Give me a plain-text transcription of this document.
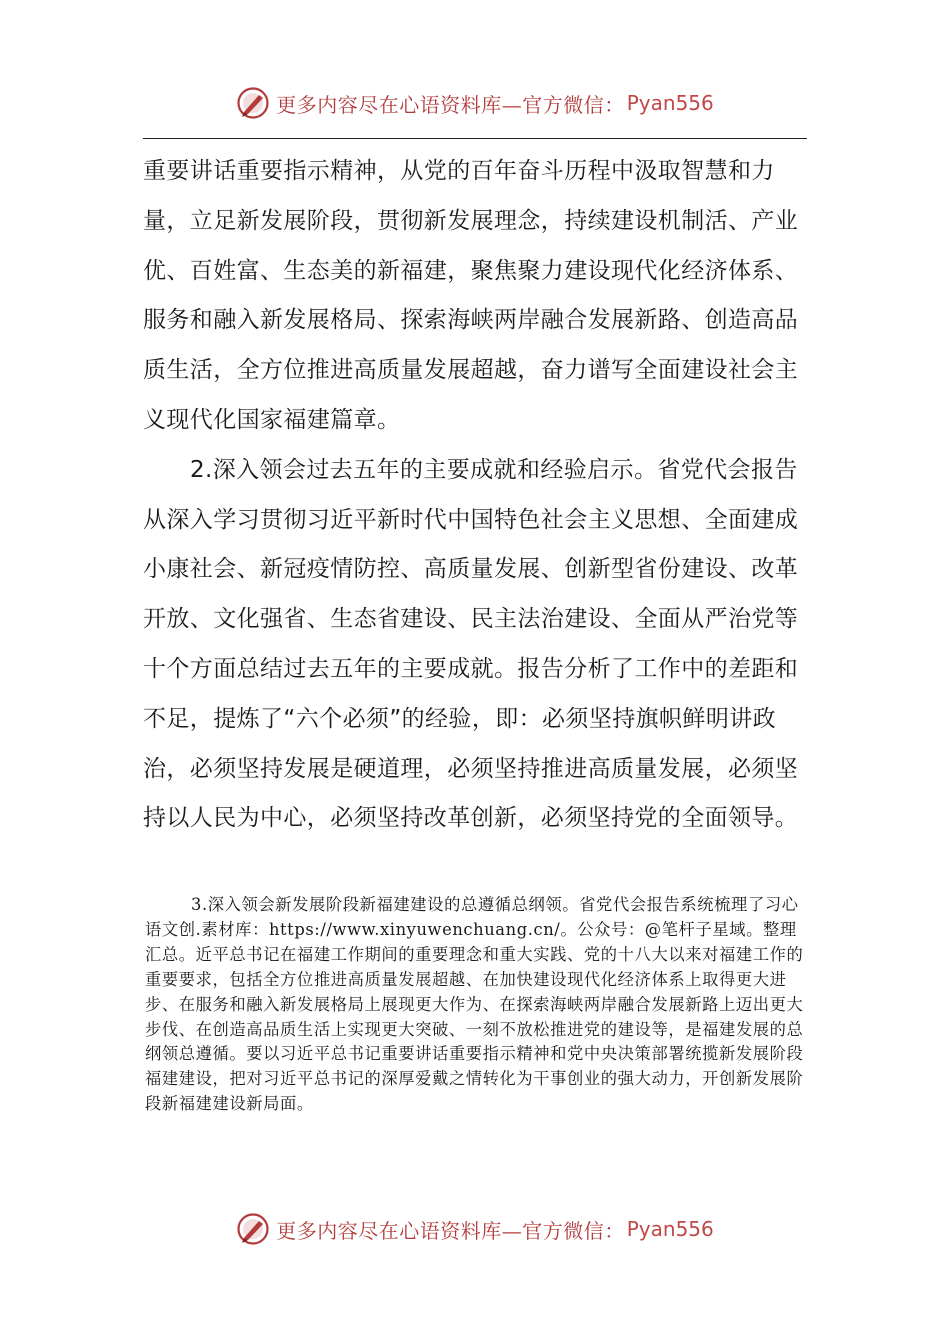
更多内容尽在心语资料库—官方微信： Pyan556

重要讲话重要指示精神，从党的百年奋斗历程中汲取智慧和力量，立足新发展阶段，贯彻新发展理念，持续建设机制活、产业优、百姓富、生态美的新福建，聚焦聚力建设现代化经济体系、服务和融入新发展格局、探索海峡两岸融合发展新路、创造高品质生活，全方位推进高质量发展超越，奋力谱写全面建设社会主义现代化国家福建篇章。

2.深入领会过去五年的主要成就和经验启示。省党代会报告从深入学习贯彻习近平新时代中国特色社会主义思想、全面建成小康社会、新冠疫情防控、高质量发展、创新型省份建设、改革开放、文化强省、生态省建设、民主法治建设、全面从严治党等十个方面总结过去五年的主要成就。报告分析了工作中的差距和不足，提炼了“六个必须”的经验，即：必须坚持旗帜鲜明讲政治，必须坚持发展是硬道理，必须坚持推进高质量发展，必须坚持以人民为中心，必须坚持改革创新，必须坚持党的全面领导。

3.深入领会新发展阶段新福建建设的总遵循总纲领。省党代会报告系统梳理了习心语文创.素材库：https://www.xinyuwenchuang.cn/。公众号：@笔杆子星域。整理汇总。近平总书记在福建工作期间的重要理念和重大实践、党的十八大以来对福建工作的重要要求，包括全方位推进高质量发展超越、在加快建设现代化经济体系上取得更大进步、在服务和融入新发展格局上展现更大作为、在探索海峡两岸融合发展新路上迈出更大步伐、在创造高品质生活上实现更大突破、一刻不放松推进党的建设等，是福建发展的总纲领总遵循。要以习近平总书记重要讲话重要指示精神和党中央决策部署统揽新发展阶段福建建设，把对习近平总书记的深厚爱戴之情转化为干事创业的强大动力，开创新发展阶段新福建建设新局面。

更多内容尽在心语资料库—官方微信： Pyan556
